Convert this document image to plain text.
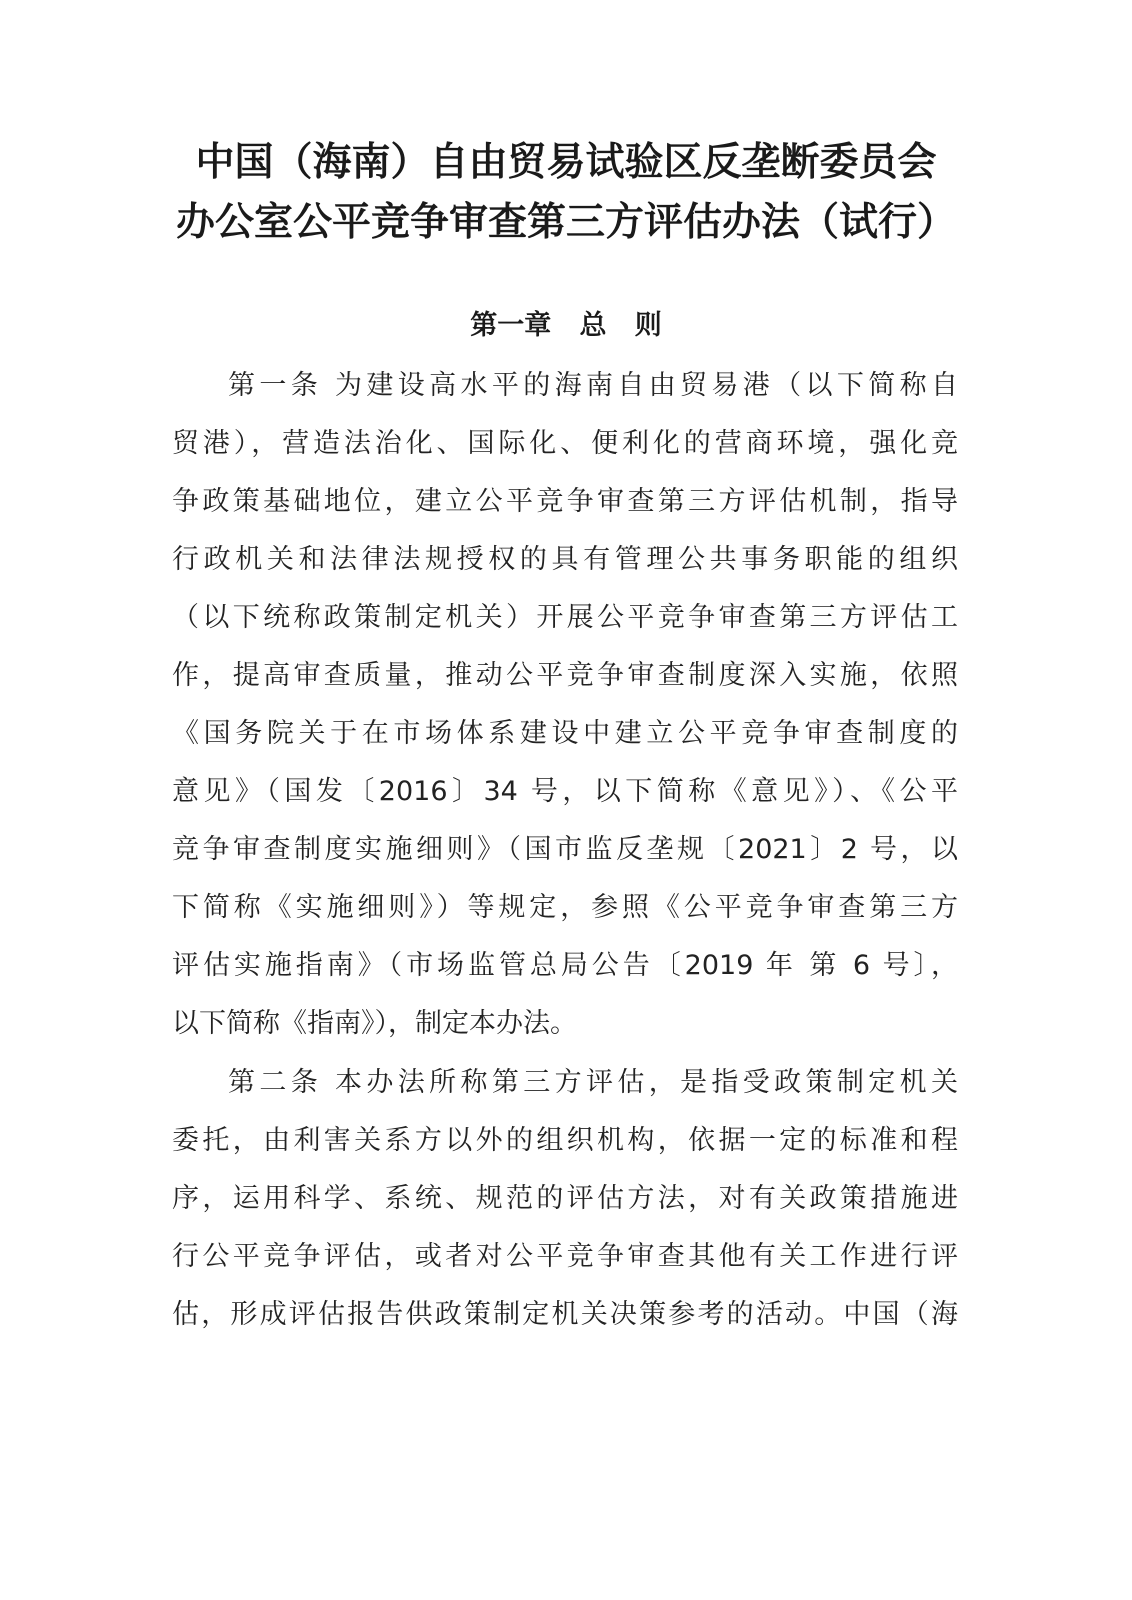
中国（海南）自由贸易试验区反垄断委员会
办公室公平竞争审查第三方评估办法（试行）
第一章   总   则
第一条 为建设高水平的海南自由贸易港（以下简称自
贸港），营造法治化、国际化、便利化的营商环境，强化竞
争政策基础地位，建立公平竞争审查第三方评估机制，指导
行政机关和法律法规授权的具有管理公共事务职能的组织
（以下统称政策制定机关）开展公平竞争审查第三方评估工
作，提高审查质量，推动公平竞争审查制度深入实施，依照
《国务院关于在市场体系建设中建立公平竞争审查制度的
意见》（国发〔2016〕34 号，以下简称《意见》）、《公平
竞争审查制度实施细则》（国市监反垄规〔2021〕2 号，以
下简称《实施细则》）等规定，参照《公平竞争审查第三方
评估实施指南》（市场监管总局公告〔2019 年 第 6 号〕，
以下简称《指南》），制定本办法。
第二条 本办法所称第三方评估，是指受政策制定机关
委托，由利害关系方以外的组织机构，依据一定的标准和程
序，运用科学、系统、规范的评估方法，对有关政策措施进
行公平竞争评估，或者对公平竞争审查其他有关工作进行评
估，形成评估报告供政策制定机关决策参考的活动。中国（海
